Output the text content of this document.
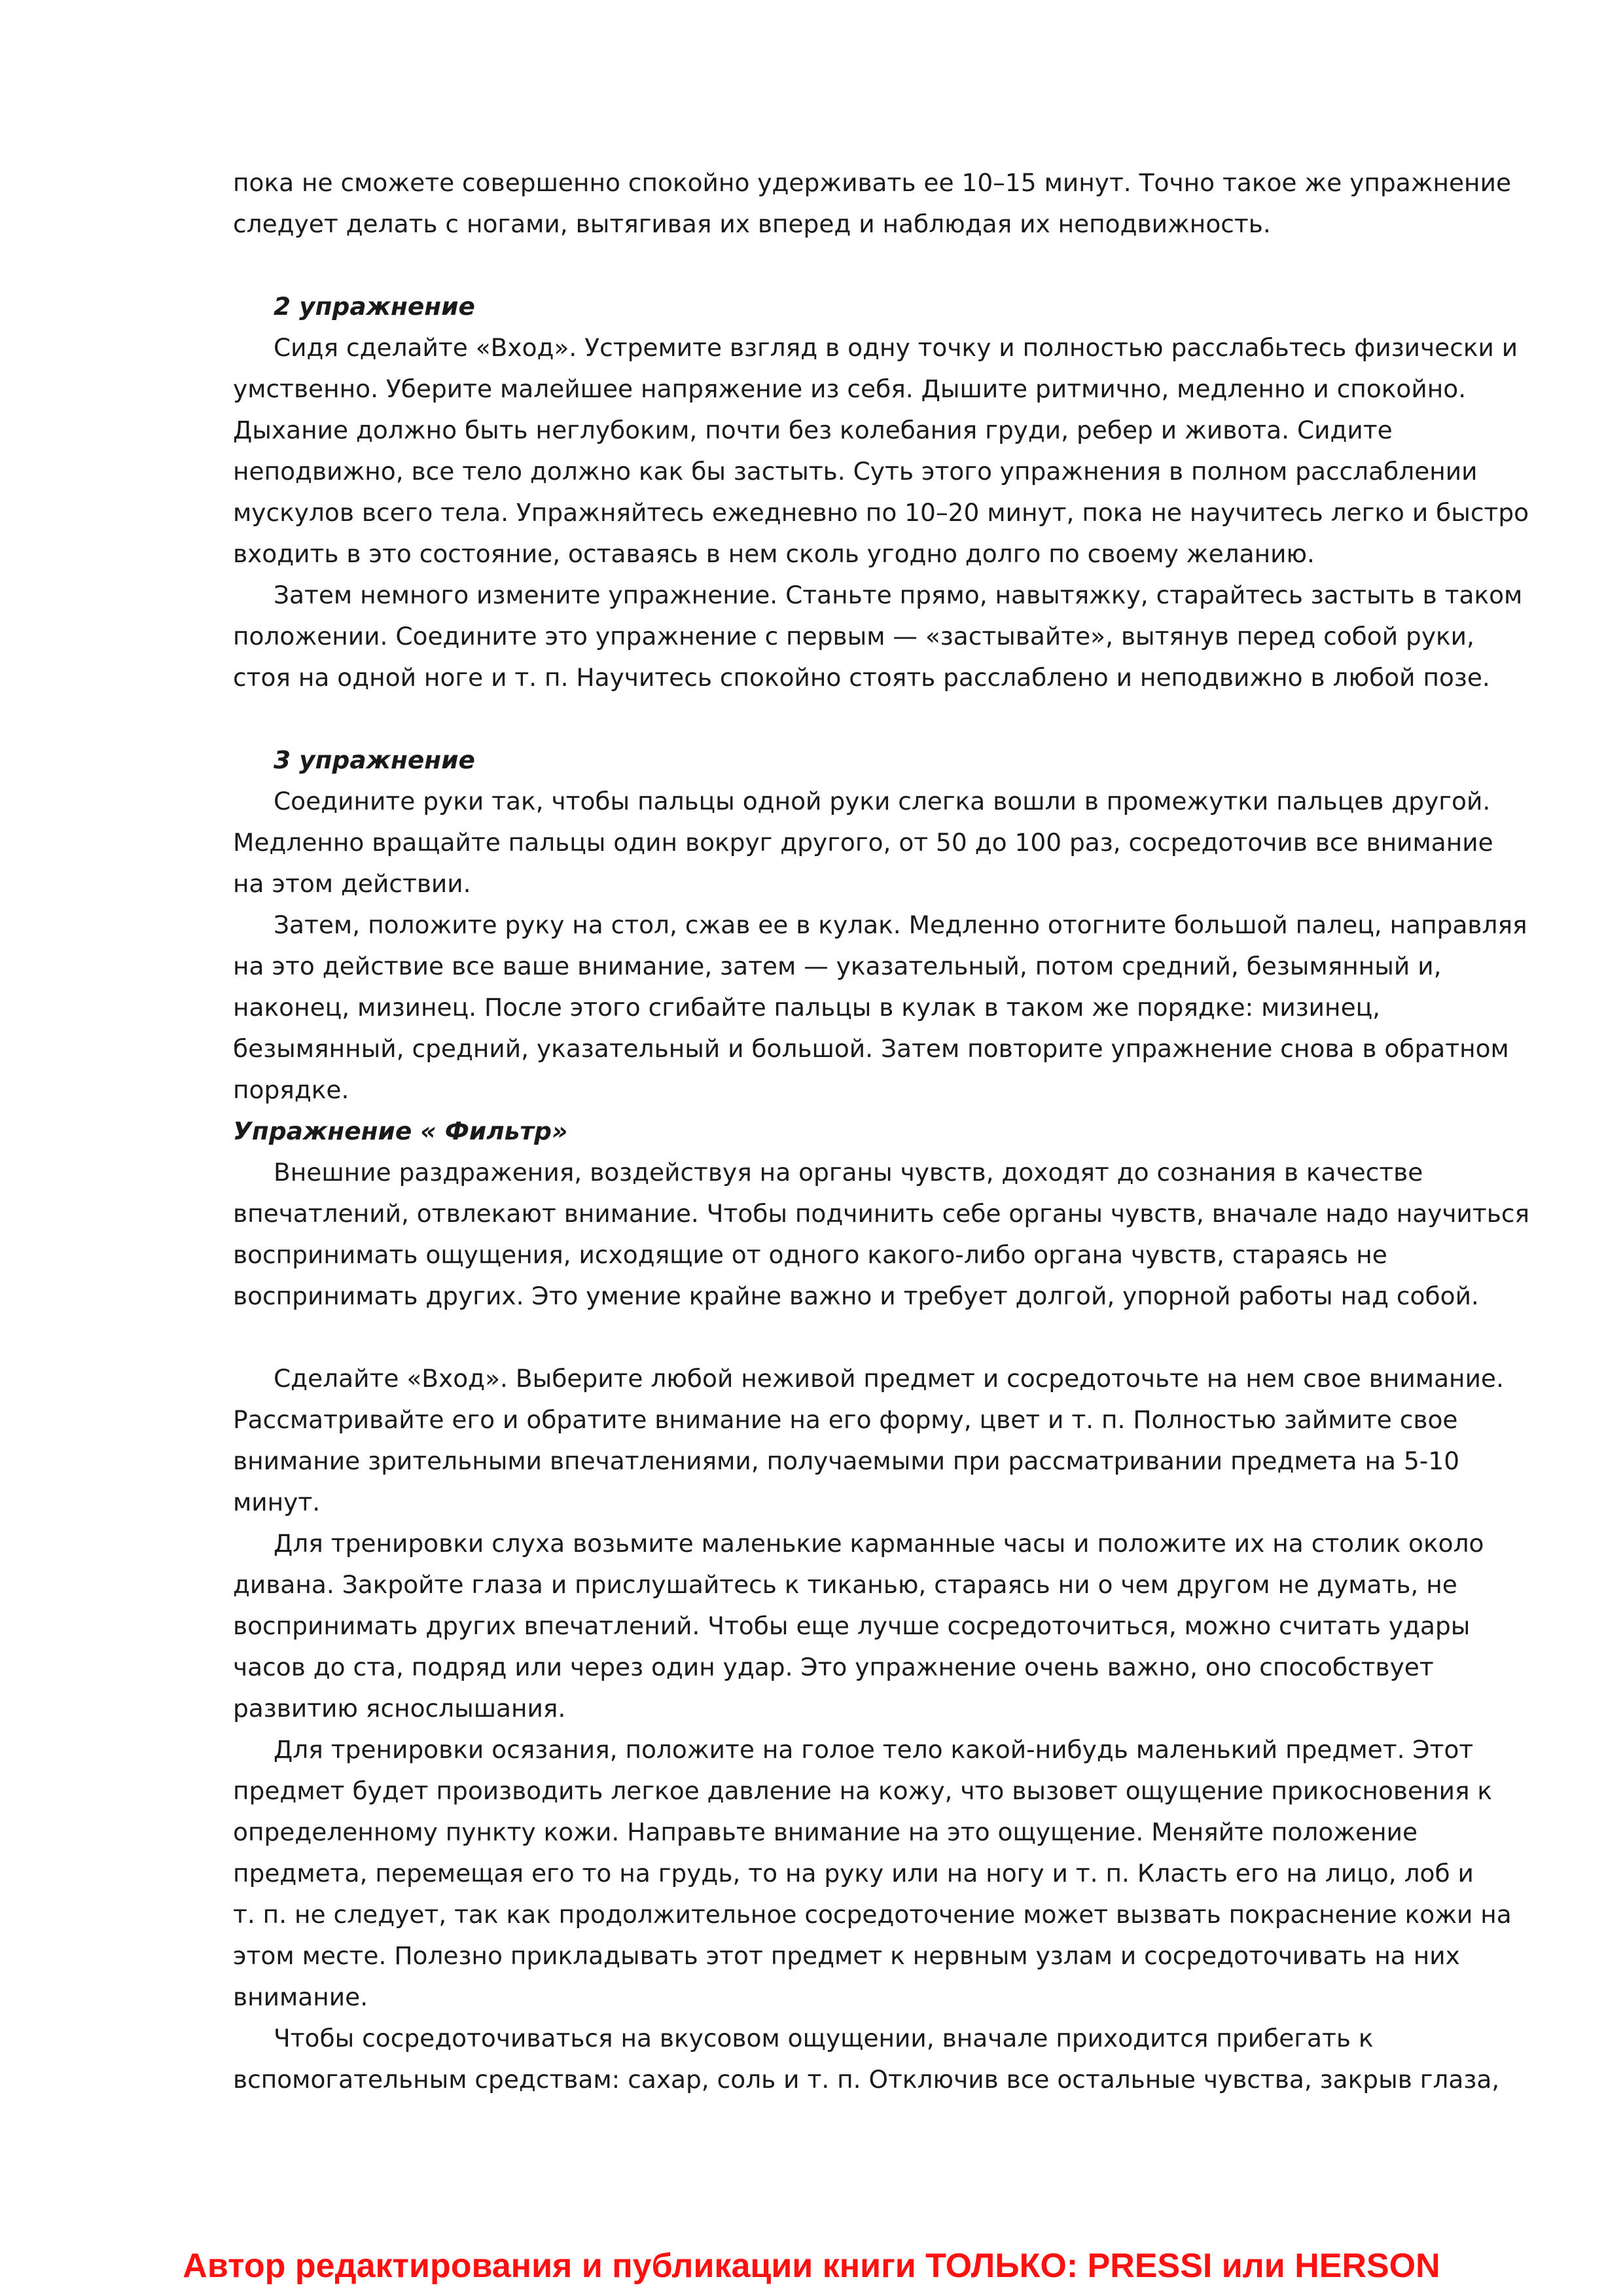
пока не сможете совершенно спокойно удерживать ее 10–15 минут. Точно такое же упражнение

следует делать с ногами, вытягивая их вперед и наблюдая их неподвижность.

2 упражнение

Сидя сделайте «Вход». Устремите взгляд в одну точку и полностью расслабьтесь физически и

умственно. Уберите малейшее напряжение из себя. Дышите ритмично, медленно и спокойно.

Дыхание должно быть неглубоким, почти без колебания груди, ребер и живота. Сидите

неподвижно, все тело должно как бы застыть. Суть этого упражнения в полном расслаблении

мускулов всего тела. Упражняйтесь ежедневно по 10–20 минут, пока не научитесь легко и быстро

входить в это состояние, оставаясь в нем сколь угодно долго по своему желанию.

Затем немного измените упражнение. Станьте прямо, навытяжку, старайтесь застыть в таком

положении. Соедините это упражнение с первым — «застывайте», вытянув перед собой руки,

стоя на одной ноге и т. п. Научитесь спокойно стоять расслаблено и неподвижно в любой позе.

3 упражнение

Соедините руки так, чтобы пальцы одной руки слегка вошли в промежутки пальцев другой.

Медленно вращайте пальцы один вокруг другого, от 50 до 100 раз, сосредоточив все внимание

на этом действии.

Затем, положите руку на стол, сжав ее в кулак. Медленно отогните большой палец, направляя

на это действие все ваше внимание, затем — указательный, потом средний, безымянный и,

наконец, мизинец. После этого сгибайте пальцы в кулак в таком же порядке: мизинец,

безымянный, средний, указательный и большой. Затем повторите упражнение снова в обратном

порядке.

Упражнение « Фильтр»

Внешние раздражения, воздействуя на органы чувств, доходят до сознания в качестве

впечатлений, отвлекают внимание. Чтобы подчинить себе органы чувств, вначале надо научиться

воспринимать ощущения, исходящие от одного какого-либо органа чувств, стараясь не

воспринимать других. Это умение крайне важно и требует долгой, упорной работы над собой.

Сделайте «Вход». Выберите любой неживой предмет и сосредоточьте на нем свое внимание.

Рассматривайте его и обратите внимание на его форму, цвет и т. п. Полностью займите свое

внимание зрительными впечатлениями, получаемыми при рассматривании предмета на 5-10

минут.

Для тренировки слуха возьмите маленькие карманные часы и положите их на столик около

дивана. Закройте глаза и прислушайтесь к тиканью, стараясь ни о чем другом не думать, не

воспринимать других впечатлений. Чтобы еще лучше сосредоточиться, можно считать удары

часов до ста, подряд или через один удар. Это упражнение очень важно, оно способствует

развитию яснослышания.

Для тренировки осязания, положите на голое тело какой-нибудь маленький предмет. Этот

предмет будет производить легкое давление на кожу, что вызовет ощущение прикосновения к

определенному пункту кожи. Направьте внимание на это ощущение. Меняйте положение

предмета, перемещая его то на грудь, то на руку или на ногу и т. п. Класть его на лицо, лоб и

т. п. не следует, так как продолжительное сосредоточение может вызвать покраснение кожи на

этом месте. Полезно прикладывать этот предмет к нервным узлам и сосредоточивать на них

внимание.

Чтобы сосредоточиваться на вкусовом ощущении, вначале приходится прибегать к

вспомогательным средствам: сахар, соль и т. п. Отключив все остальные чувства, закрыв глаза,

Автор редактирования и публикации книги ТОЛЬКО: PRESSI или HERSON
